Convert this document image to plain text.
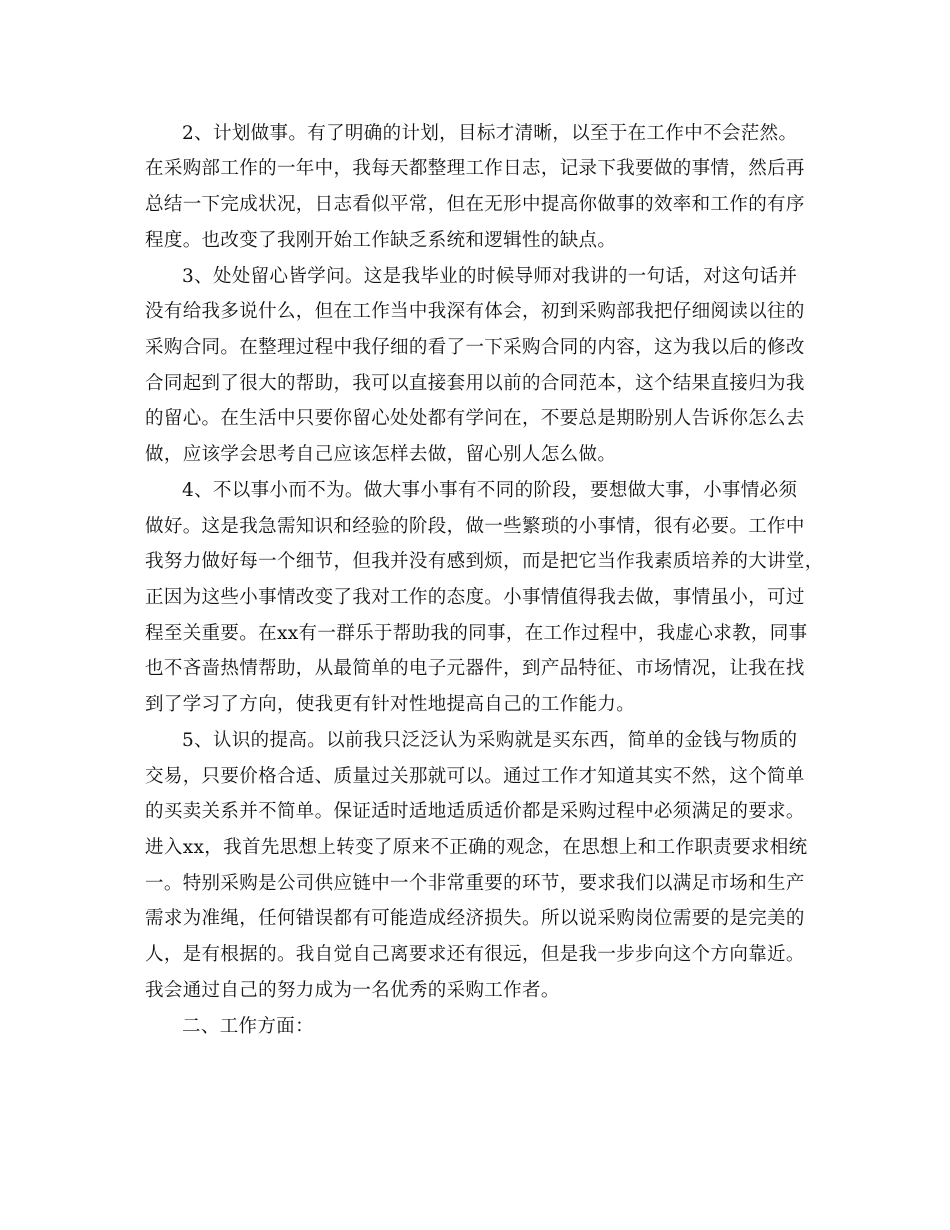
2、计划做事。有了明确的计划，目标才清晰，以至于在工作中不会茫然。
在采购部工作的一年中，我每天都整理工作日志，记录下我要做的事情，然后再
总结一下完成状况，日志看似平常，但在无形中提高你做事的效率和工作的有序
程度。也改变了我刚开始工作缺乏系统和逻辑性的缺点。
3、处处留心皆学问。这是我毕业的时候导师对我讲的一句话，对这句话并
没有给我多说什么，但在工作当中我深有体会，初到采购部我把仔细阅读以往的
采购合同。在整理过程中我仔细的看了一下采购合同的内容，这为我以后的修改
合同起到了很大的帮助，我可以直接套用以前的合同范本，这个结果直接归为我
的留心。在生活中只要你留心处处都有学问在，不要总是期盼别人告诉你怎么去
做，应该学会思考自己应该怎样去做，留心别人怎么做。
4、不以事小而不为。做大事小事有不同的阶段，要想做大事，小事情必须
做好。这是我急需知识和经验的阶段，做一些繁琐的小事情，很有必要。工作中
我努力做好每一个细节，但我并没有感到烦，而是把它当作我素质培养的大讲堂，
正因为这些小事情改变了我对工作的态度。小事情值得我去做，事情虽小，可过
程至关重要。在xx有一群乐于帮助我的同事，在工作过程中，我虚心求教，同事
也不吝啬热情帮助，从最简单的电子元器件，到产品特征、市场情况，让我在找
到了学习了方向，使我更有针对性地提高自己的工作能力。
5、认识的提高。以前我只泛泛认为采购就是买东西，简单的金钱与物质的
交易，只要价格合适、质量过关那就可以。通过工作才知道其实不然，这个简单
的买卖关系并不简单。保证适时适地适质适价都是采购过程中必须满足的要求。
进入xx，我首先思想上转变了原来不正确的观念，在思想上和工作职责要求相统
一。特别采购是公司供应链中一个非常重要的环节，要求我们以满足市场和生产
需求为准绳，任何错误都有可能造成经济损失。所以说采购岗位需要的是完美的
人，是有根据的。我自觉自己离要求还有很远，但是我一步步向这个方向靠近。
我会通过自己的努力成为一名优秀的采购工作者。
二、工作方面：
